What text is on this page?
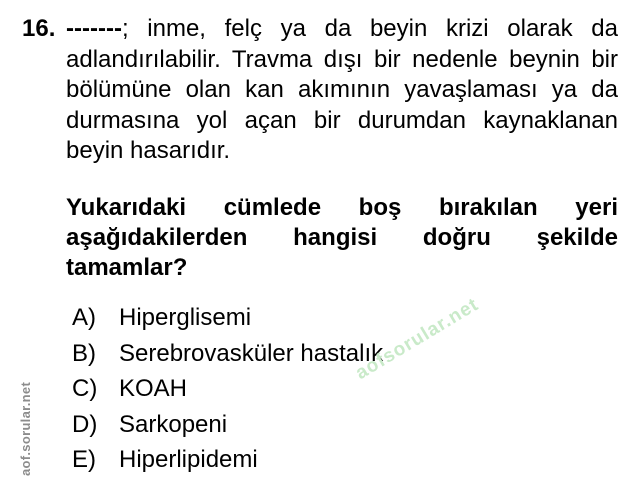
16. -------; inme, felç ya da beyin krizi olarak da adlandırılabilir. Travma dışı bir nedenle beynin bir bölümüne olan kan akımının yavaşlaması ya da durmasına yol açan bir durumdan kaynaklanan beyin hasarıdır.
Yukarıdaki cümlede boş bırakılan yeri aşağıdakilerden hangisi doğru şekilde tamamlar?
A) Hiperglisemi
B) Serebrovasküler hastalık
C) KOAH
D) Sarkopeni
E) Hiperlipidemi
aof.sorular.net
aofsorular.net
